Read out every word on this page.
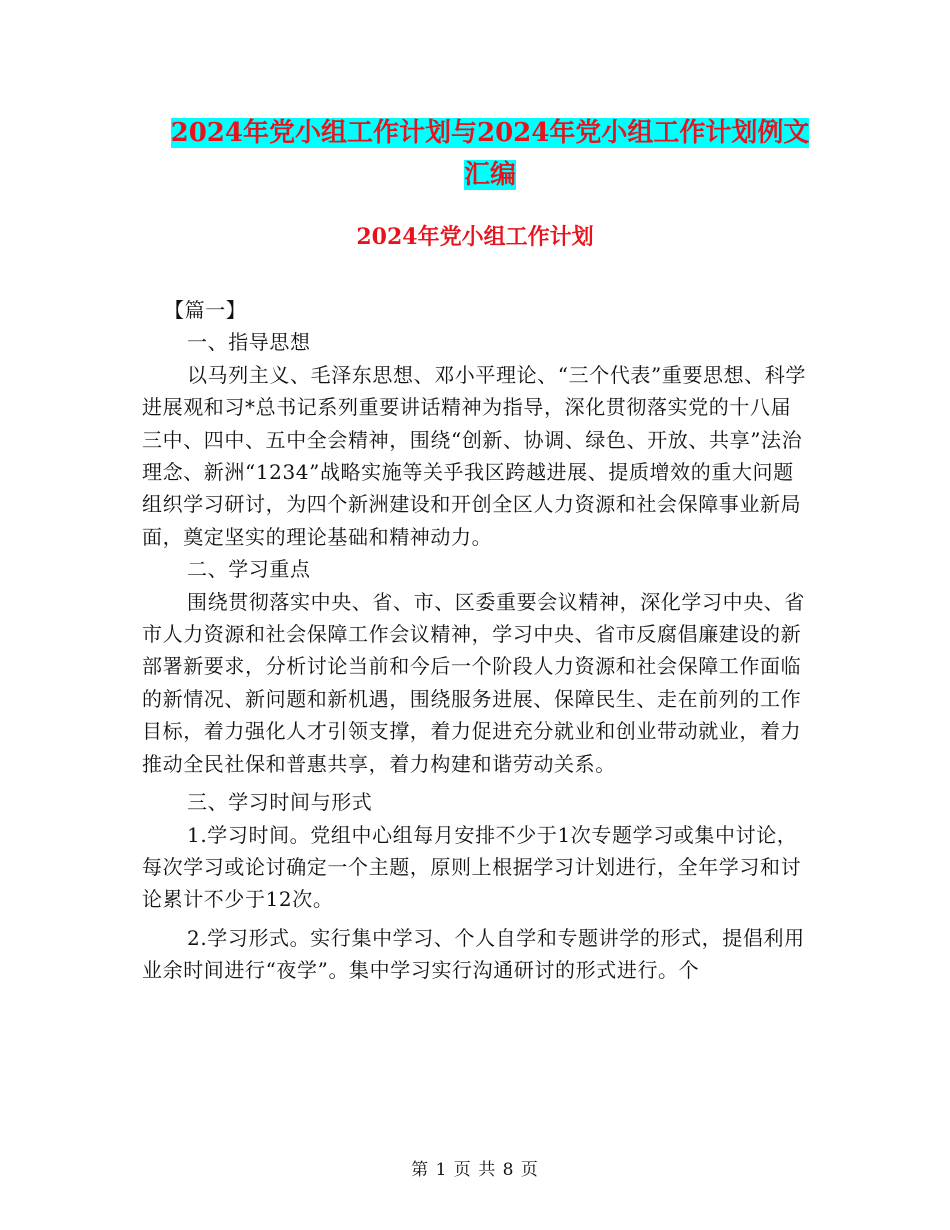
2024年党小组工作计划与2024年党小组工作计划例文
汇编
2024年党小组工作计划

【篇一】

一、指导思想

以马列主义、毛泽东思想、邓小平理论、“三个代表”重要思想、科学进展观和习*总书记系列重要讲话精神为指导，深化贯彻落实党的十八届三中、四中、五中全会精神，围绕“创新、协调、绿色、开放、共享”法治理念、新洲“1234”战略实施等关乎我区跨越进展、提质增效的重大问题组织学习研讨，为四个新洲建设和开创全区人力资源和社会保障事业新局面，奠定坚实的理论基础和精神动力。

二、学习重点

围绕贯彻落实中央、省、市、区委重要会议精神，深化学习中央、省市人力资源和社会保障工作会议精神，学习中央、省市反腐倡廉建设的新部署新要求，分析讨论当前和今后一个阶段人力资源和社会保障工作面临的新情况、新问题和新机遇，围绕服务进展、保障民生、走在前列的工作目标，着力强化人才引领支撑，着力促进充分就业和创业带动就业，着力推动全民社保和普惠共享，着力构建和谐劳动关系。

三、学习时间与形式

1.学习时间。党组中心组每月安排不少于1次专题学习或集中讨论，每次学习或论讨确定一个主题，原则上根据学习计划进行，全年学习和讨论累计不少于12次。

2.学习形式。实行集中学习、个人自学和专题讲学的形式，提倡利用业余时间进行“夜学”。集中学习实行沟通研讨的形式进行。个

第 1 页 共 8 页
